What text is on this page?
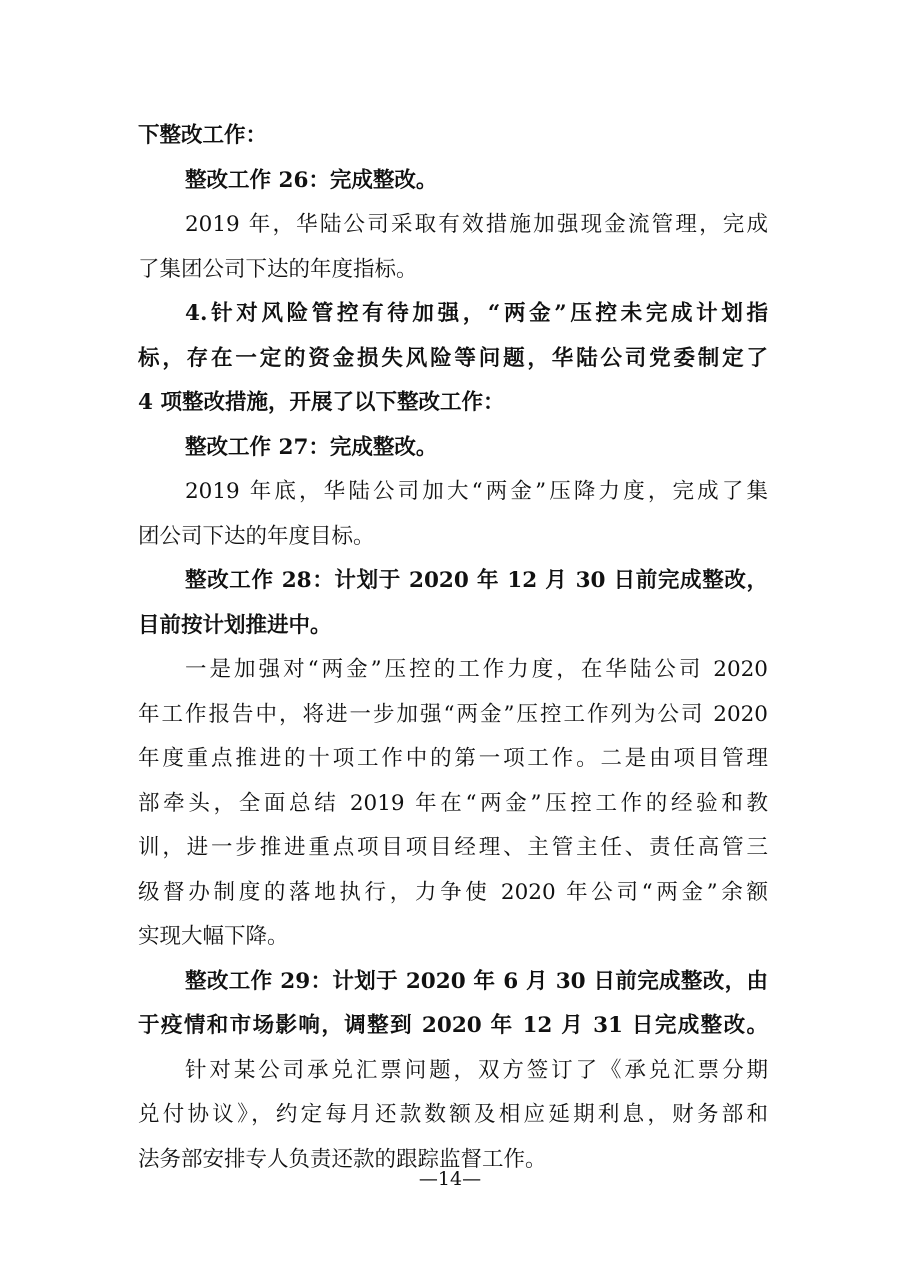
下整改工作：
整改工作 26：完成整改。
2019 年，华陆公司采取有效措施加强现金流管理，完成
了集团公司下达的年度指标。
4.针对风险管控有待加强，“两金”压控未完成计划指
标，存在一定的资金损失风险等问题，华陆公司党委制定了
4 项整改措施，开展了以下整改工作：
整改工作 27：完成整改。
2019 年底，华陆公司加大“两金”压降力度，完成了集
团公司下达的年度目标。
整改工作 28：计划于 2020 年 12 月 30 日前完成整改，
目前按计划推进中。
一是加强对“两金”压控的工作力度，在华陆公司 2020
年工作报告中，将进一步加强“两金”压控工作列为公司 2020
年度重点推进的十项工作中的第一项工作。二是由项目管理
部牵头，全面总结 2019 年在“两金”压控工作的经验和教
训，进一步推进重点项目项目经理、主管主任、责任高管三
级督办制度的落地执行，力争使 2020 年公司“两金”余额
实现大幅下降。
整改工作 29：计划于 2020 年 6 月 30 日前完成整改，由
于疫情和市场影响，调整到 2020 年 12 月 31 日完成整改。
针对某公司承兑汇票问题，双方签订了《承兑汇票分期
兑付协议》，约定每月还款数额及相应延期利息，财务部和
法务部安排专人负责还款的跟踪监督工作。
—14—
